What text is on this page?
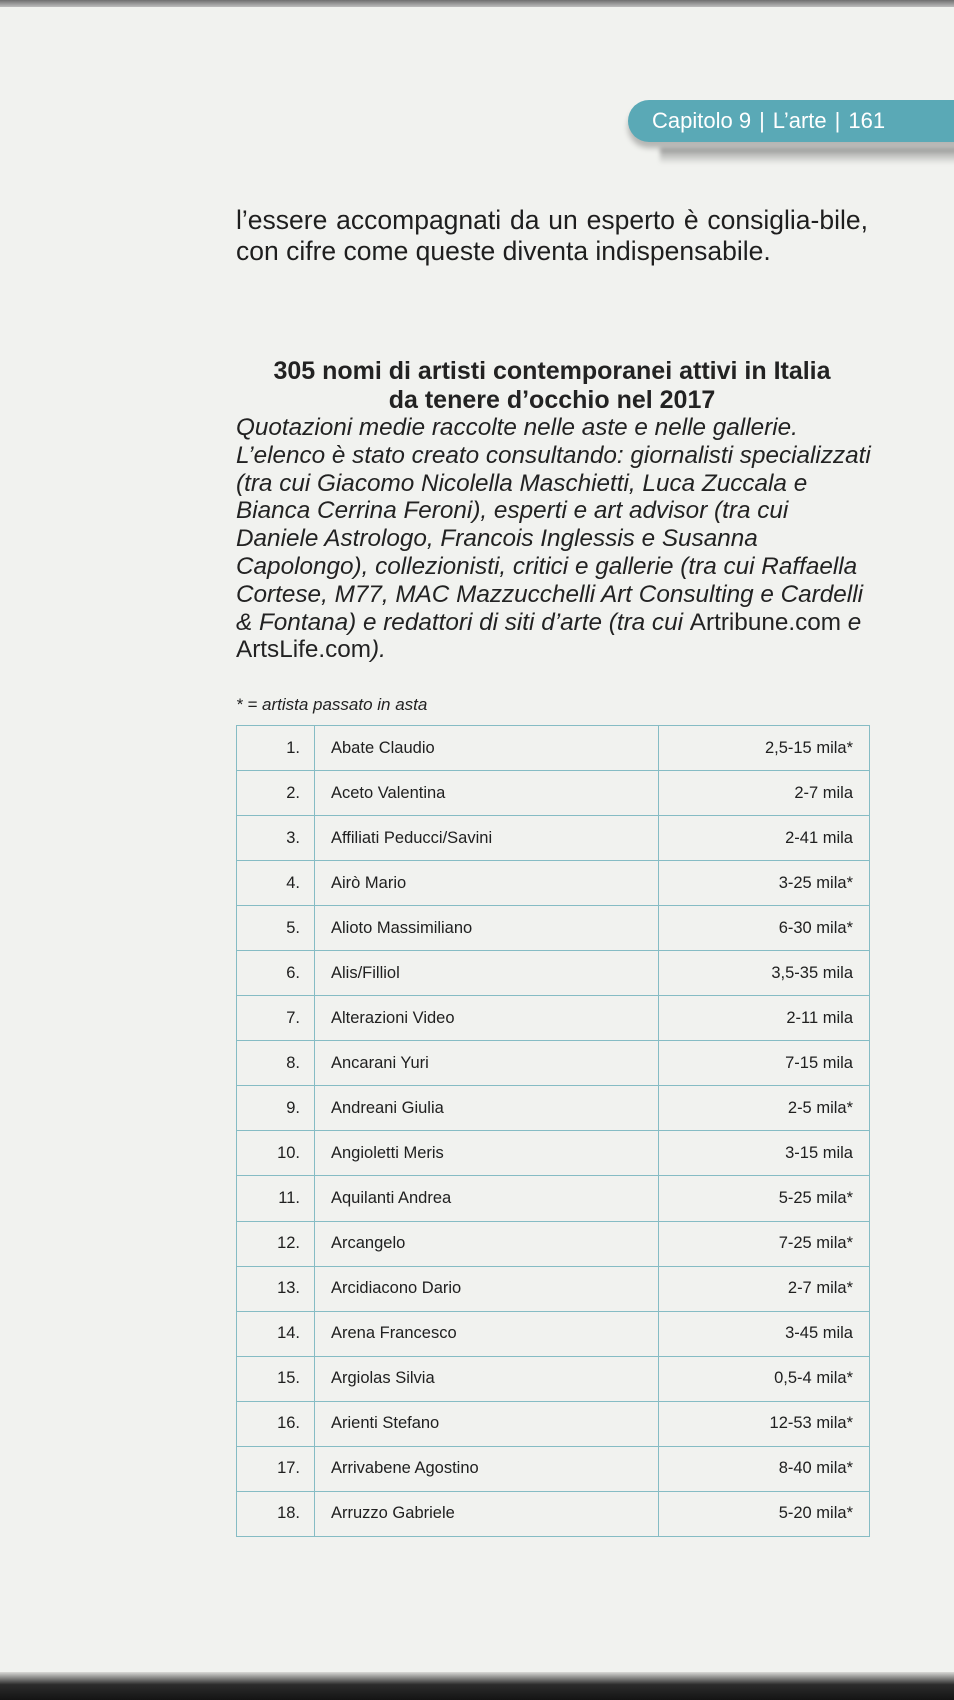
Capitolo 9 | L’arte | 161
l’essere accompagnati da un esperto è consiglia-bile, con cifre come queste diventa indispensabile.
305 nomi di artisti contemporanei attivi in Italia
da tenere d’occhio nel 2017
Quotazioni medie raccolte nelle aste e nelle gallerie. L’elenco è stato creato consultando: giornalisti specializzati (tra cui Giacomo Nicolella Maschietti, Luca Zuccala e Bianca Cerrina Feroni), esperti e art advisor (tra cui Daniele Astrologo, Francois Inglessis e Susanna Capolongo), collezionisti, critici e gallerie (tra cui Raffaella Cortese, M77, MAC Mazzucchelli Art Consulting e Cardelli & Fontana) e redattori di siti d’arte (tra cui Artribune.com e ArtsLife.com).
* = artista passato in asta
1.	Abate Claudio	2,5-15 mila*
2.	Aceto Valentina	2-7 mila
3.	Affiliati Peducci/Savini	2-41 mila
4.	Airò Mario	3-25 mila*
5.	Alioto Massimiliano	6-30 mila*
6.	Alis/Filliol	3,5-35 mila
7.	Alterazioni Video	2-11 mila
8.	Ancarani Yuri	7-15 mila
9.	Andreani Giulia	2-5 mila*
10.	Angioletti Meris	3-15 mila
11.	Aquilanti Andrea	5-25 mila*
12.	Arcangelo	7-25 mila*
13.	Arcidiacono Dario	2-7 mila*
14.	Arena Francesco	3-45 mila
15.	Argiolas Silvia	0,5-4 mila*
16.	Arienti Stefano	12-53 mila*
17.	Arrivabene Agostino	8-40 mila*
18.	Arruzzo Gabriele	5-20 mila*
